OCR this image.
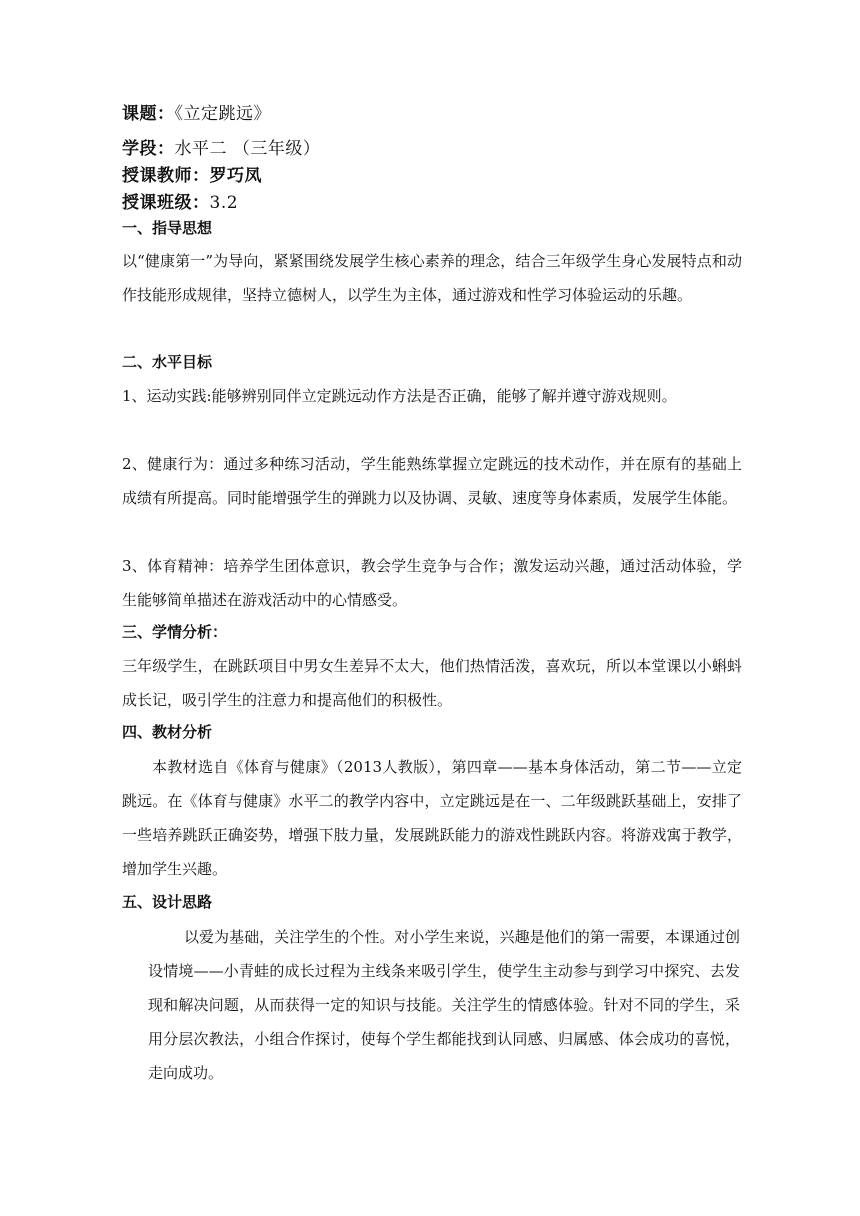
课题：《立定跳远》
学段：水平二 （三年级）
授课教师：罗巧凤
授课班级：3.2
一、指导思想

以“健康第一”为导向，紧紧围绕发展学生核心素养的理念，结合三年级学生身心发展特点和动作技能形成规律，坚持立德树人，以学生为主体，通过游戏和性学习体验运动的乐趣。

二、水平目标

1、运动实践:能够辨别同伴立定跳远动作方法是否正确，能够了解并遵守游戏规则。

2、健康行为：通过多种练习活动，学生能熟练掌握立定跳远的技术动作，并在原有的基础上成绩有所提高。同时能增强学生的弹跳力以及协调、灵敏、速度等身体素质，发展学生体能。

3、体育精神：培养学生团体意识，教会学生竞争与合作；激发运动兴趣，通过活动体验，学生能够简单描述在游戏活动中的心情感受。

三、学情分析：

三年级学生，在跳跃项目中男女生差异不太大，他们热情活泼，喜欢玩，所以本堂课以小蝌蚪成长记，吸引学生的注意力和提高他们的积极性。

四、教材分析

本教材选自《体育与健康》（2013人教版），第四章——基本身体活动，第二节——立定跳远。在《体育与健康》水平二的教学内容中，立定跳远是在一、二年级跳跃基础上，安排了一些培养跳跃正确姿势，增强下肢力量，发展跳跃能力的游戏性跳跃内容。将游戏寓于教学，增加学生兴趣。

五、设计思路

以爱为基础，关注学生的个性。对小学生来说，兴趣是他们的第一需要，本课通过创设情境——小青蛙的成长过程为主线条来吸引学生，使学生主动参与到学习中探究、去发现和解决问题，从而获得一定的知识与技能。关注学生的情感体验。针对不同的学生，采用分层次教法，小组合作探讨，使每个学生都能找到认同感、归属感、体会成功的喜悦，走向成功。
